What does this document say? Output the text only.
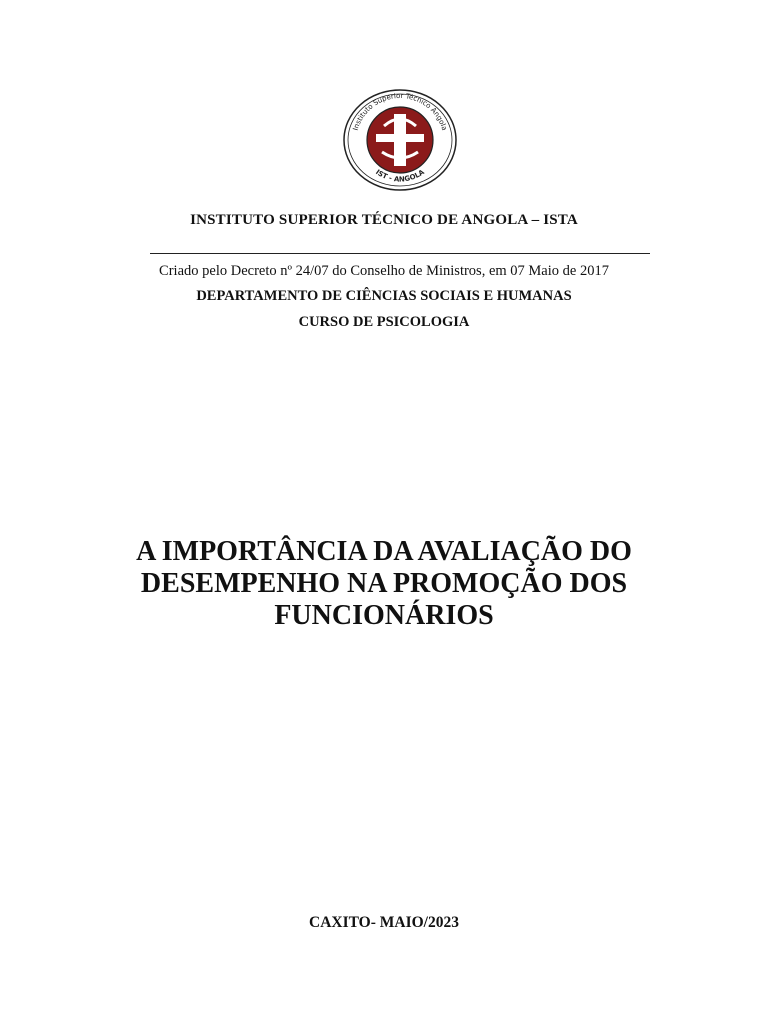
Instituto Superior Técnico Angola
IST - ANGOLA
INSTITUTO SUPERIOR TÉCNICO DE ANGOLA – ISTA
Criado pelo Decreto nº 24/07 do Conselho de Ministros, em 07 Maio de 2017
DEPARTAMENTO DE CIÊNCIAS SOCIAIS E HUMANAS
CURSO DE PSICOLOGIA
A IMPORTÂNCIA DA AVALIAÇÃO DO
DESEMPENHO NA PROMOÇÃO DOS
FUNCIONÁRIOS
CAXITO- MAIO/2023
